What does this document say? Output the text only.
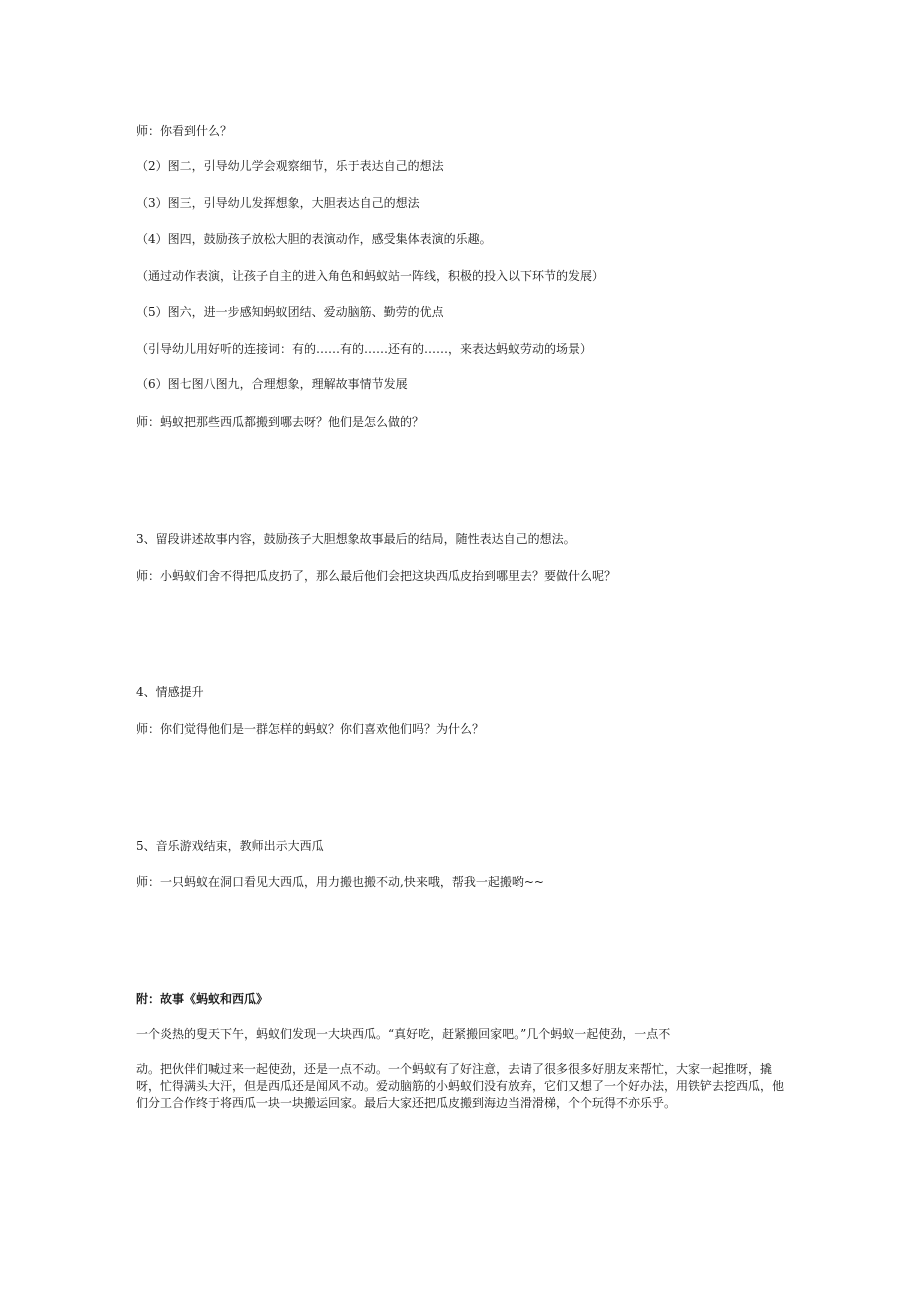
师：你看到什么？
（2）图二，引导幼儿学会观察细节，乐于表达自己的想法
（3）图三，引导幼儿发挥想象，大胆表达自己的想法
（4）图四，鼓励孩子放松大胆的表演动作，感受集体表演的乐趣。
（通过动作表演，让孩子自主的进入角色和蚂蚁站一阵线，积极的投入以下环节的发展）
（5）图六，进一步感知蚂蚁团结、爱动脑筋、勤劳的优点
（引导幼儿用好听的连接词：有的……有的……还有的……，来表达蚂蚁劳动的场景）
（6）图七图八图九，合理想象，理解故事情节发展
师：蚂蚁把那些西瓜都搬到哪去呀？他们是怎么做的？
3、留段讲述故事内容，鼓励孩子大胆想象故事最后的结局，随性表达自己的想法。
师：小蚂蚁们舍不得把瓜皮扔了，那么最后他们会把这块西瓜皮抬到哪里去？要做什么呢？
4、情感提升
师：你们觉得他们是一群怎样的蚂蚁？你们喜欢他们吗？为什么？
5、音乐游戏结束，教师出示大西瓜
师：一只蚂蚁在洞口看见大西瓜，用力搬也搬不动,快来哦，帮我一起搬哟~~
附：故事《蚂蚁和西瓜》
一个炎热的叟天下午，蚂蚁们发现一大块西瓜。“真好吃，赶紧搬回家吧。”几个蚂蚁一起使劲，一点不

动。把伙伴们喊过来一起使劲，还是一点不动。一个蚂蚁有了好注意，去请了很多很多好朋友来帮忙，大家一起推呀，撬呀，忙得满头大汗，但是西瓜还是闻风不动。爱动脑筋的小蚂蚁们没有放弃，它们又想了一个好办法，用铁铲去挖西瓜，他们分工合作终于将西瓜一块一块搬运回家。最后大家还把瓜皮搬到海边当滑滑梯，个个玩得不亦乐乎。
